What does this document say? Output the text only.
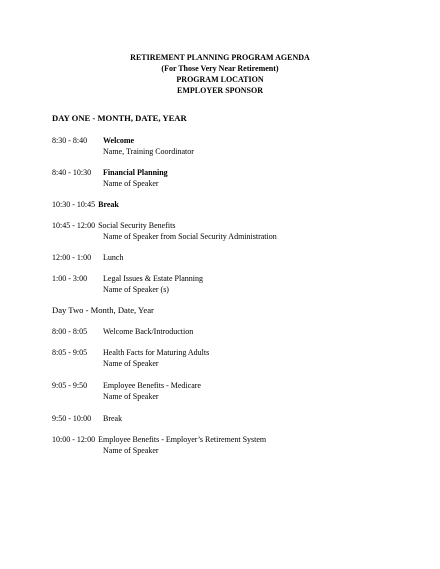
RETIREMENT PLANNING PROGRAM AGENDA
(For Those Very Near Retirement)
PROGRAM LOCATION
EMPLOYER SPONSOR
DAY ONE - MONTH, DATE, YEAR
8:30 - 8:40 Welcome
Name, Training Coordinator
8:40 - 10:30 Financial Planning
Name of Speaker
10:30 - 10:45 Break
10:45 - 12:00 Social Security Benefits
Name of Speaker from Social Security Administration
12:00 - 1:00 Lunch
1:00 - 3:00 Legal Issues & Estate Planning
Name of Speaker (s)
Day Two - Month, Date, Year
8:00 - 8:05 Welcome Back/Introduction
8:05 - 9:05 Health Facts for Maturing Adults
Name of Speaker
9:05 - 9:50 Employee Benefits - Medicare
Name of Speaker
9:50 - 10:00 Break
10:00 - 12:00 Employee Benefits - Employer’s Retirement System
Name of Speaker
